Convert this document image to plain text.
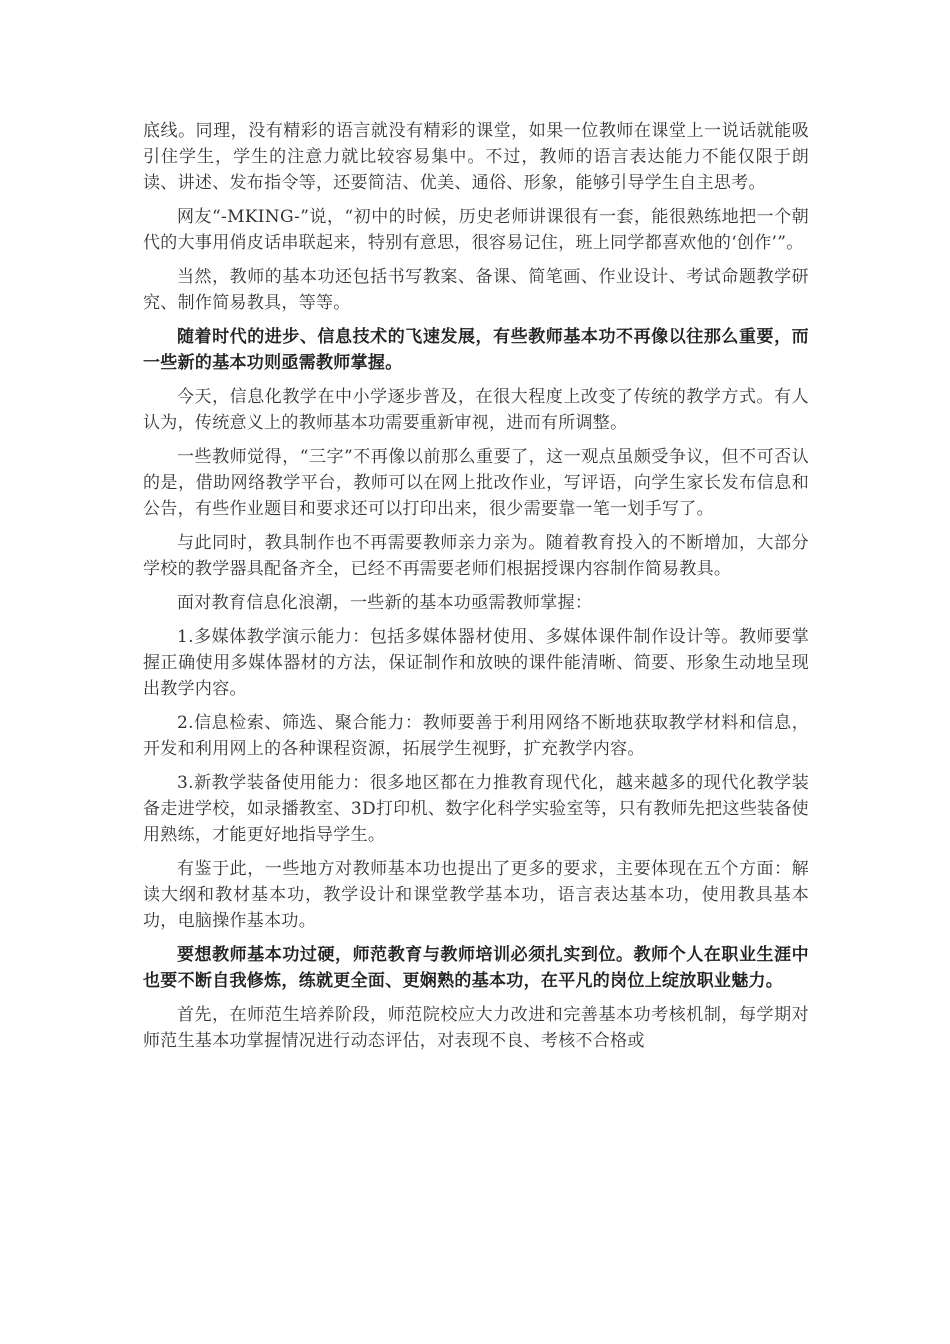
底线。同理，没有精彩的语言就没有精彩的课堂，如果一位教师在课堂上一说话就能吸引住学生，学生的注意力就比较容易集中。不过，教师的语言表达能力不能仅限于朗读、讲述、发布指令等，还要简洁、优美、通俗、形象，能够引导学生自主思考。

网友“-MKING-”说，“初中的时候，历史老师讲课很有一套，能很熟练地把一个朝代的大事用俏皮话串联起来，特别有意思，很容易记住，班上同学都喜欢他的‘创作’”。

当然，教师的基本功还包括书写教案、备课、简笔画、作业设计、考试命题教学研究、制作简易教具，等等。

随着时代的进步、信息技术的飞速发展，有些教师基本功不再像以往那么重要，而一些新的基本功则亟需教师掌握。

今天，信息化教学在中小学逐步普及，在很大程度上改变了传统的教学方式。有人认为，传统意义上的教师基本功需要重新审视，进而有所调整。

一些教师觉得，“三字”不再像以前那么重要了，这一观点虽颇受争议，但不可否认的是，借助网络教学平台，教师可以在网上批改作业，写评语，向学生家长发布信息和公告，有些作业题目和要求还可以打印出来，很少需要靠一笔一划手写了。

与此同时，教具制作也不再需要教师亲力亲为。随着教育投入的不断增加，大部分学校的教学器具配备齐全，已经不再需要老师们根据授课内容制作简易教具。

面对教育信息化浪潮，一些新的基本功亟需教师掌握：

1.多媒体教学演示能力：包括多媒体器材使用、多媒体课件制作设计等。教师要掌握正确使用多媒体器材的方法，保证制作和放映的课件能清晰、简要、形象生动地呈现出教学内容。

2.信息检索、筛选、聚合能力：教师要善于利用网络不断地获取教学材料和信息，开发和利用网上的各种课程资源，拓展学生视野，扩充教学内容。

3.新教学装备使用能力：很多地区都在力推教育现代化，越来越多的现代化教学装备走进学校，如录播教室、3D打印机、数字化科学实验室等，只有教师先把这些装备使用熟练，才能更好地指导学生。

有鉴于此，一些地方对教师基本功也提出了更多的要求，主要体现在五个方面：解读大纲和教材基本功，教学设计和课堂教学基本功，语言表达基本功，使用教具基本功，电脑操作基本功。

要想教师基本功过硬，师范教育与教师培训必须扎实到位。教师个人在职业生涯中也要不断自我修炼，练就更全面、更娴熟的基本功，在平凡的岗位上绽放职业魅力。

首先，在师范生培养阶段，师范院校应大力改进和完善基本功考核机制，每学期对师范生基本功掌握情况进行动态评估，对表现不良、考核不合格或
